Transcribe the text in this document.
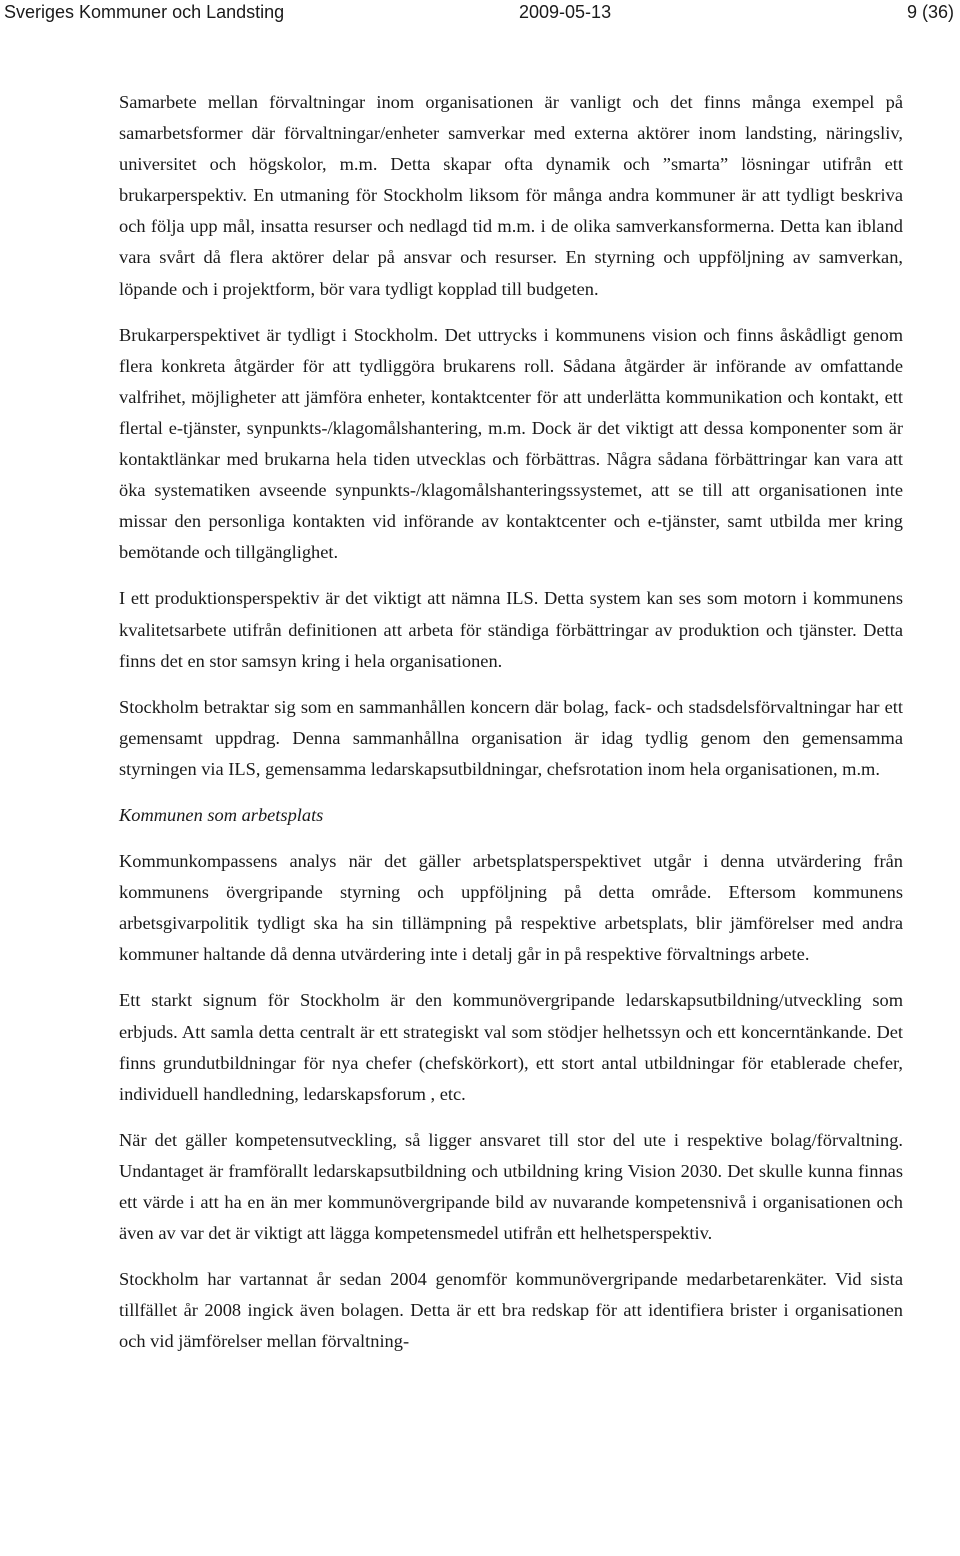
Sveriges Kommuner och Landsting	2009-05-13	9 (36)

Samarbete mellan förvaltningar inom organisationen är vanligt och det finns många exempel på samarbetsformer där förvaltningar/enheter samverkar med externa aktörer inom landsting, näringsliv, universitet och högskolor, m.m. Detta skapar ofta dynamik och ”smarta” lösningar utifrån ett brukarperspektiv. En utmaning för Stockholm liksom för många andra kommuner är att tydligt beskriva och följa upp mål, insatta resurser och nedlagd tid m.m. i de olika samverkansformerna. Detta kan ibland vara svårt då flera aktörer delar på ansvar och resurser. En styrning och uppföljning av samverkan, löpande och i projektform, bör vara tydligt kopplad till budgeten.

Brukarperspektivet är tydligt i Stockholm. Det uttrycks i kommunens vision och finns åskådligt genom flera konkreta åtgärder för att tydliggöra brukarens roll. Sådana åtgärder är införande av omfattande valfrihet, möjligheter att jämföra enheter, kontaktcenter för att underlätta kommunikation och kontakt, ett flertal e-tjänster, synpunkts-/klagomålshantering, m.m. Dock är det viktigt att dessa komponenter som är kontaktlänkar med brukarna hela tiden utvecklas och förbättras. Några sådana förbättringar kan vara att öka systematiken avseende synpunkts-/klagomålshanteringssystemet, att se till att organisationen inte missar den personliga kontakten vid införande av kontaktcenter och e-tjänster, samt utbilda mer kring bemötande och tillgänglighet.

I ett produktionsperspektiv är det viktigt att nämna ILS. Detta system kan ses som motorn i kommunens kvalitetsarbete utifrån definitionen att arbeta för ständiga förbättringar av produktion och tjänster. Detta finns det en stor samsyn kring i hela organisationen.

Stockholm betraktar sig som en sammanhållen koncern där bolag, fack- och stadsdelsförvaltningar har ett gemensamt uppdrag. Denna sammanhållna organisation är idag tydlig genom den gemensamma styrningen via ILS, gemensamma ledarskapsutbildningar, chefsrotation inom hela organisationen, m.m.

Kommunen som arbetsplats

Kommunkompassens analys när det gäller arbetsplatsperspektivet utgår i denna utvärdering från kommunens övergripande styrning och uppföljning på detta område. Eftersom kommunens arbetsgivarpolitik tydligt ska ha sin tillämpning på respektive arbetsplats, blir jämförelser med andra kommuner haltande då denna utvärdering inte i detalj går in på respektive förvaltnings arbete.

Ett starkt signum för Stockholm är den kommunövergripande ledarskapsutbildning/utveckling som erbjuds. Att samla detta centralt är ett strategiskt val som stödjer helhetssyn och ett koncerntänkande. Det finns grundutbildningar för nya chefer (chefskörkort), ett stort antal utbildningar för etablerade chefer, individuell handledning, ledarskapsforum , etc.

När det gäller kompetensutveckling, så ligger ansvaret till stor del ute i respektive bolag/förvaltning. Undantaget är framförallt ledarskapsutbildning och utbildning kring Vision 2030. Det skulle kunna finnas ett värde i att ha en än mer kommunövergripande bild av nuvarande kompetensnivå i organisationen och även av var det är viktigt att lägga kompetensmedel utifrån ett helhetsperspektiv.

Stockholm har vartannat år sedan 2004 genomför kommunövergripande medarbetarenkäter. Vid sista tillfället år 2008 ingick även bolagen. Detta är ett bra redskap för att identifiera brister i organisationen och vid jämförelser mellan förvaltning-
